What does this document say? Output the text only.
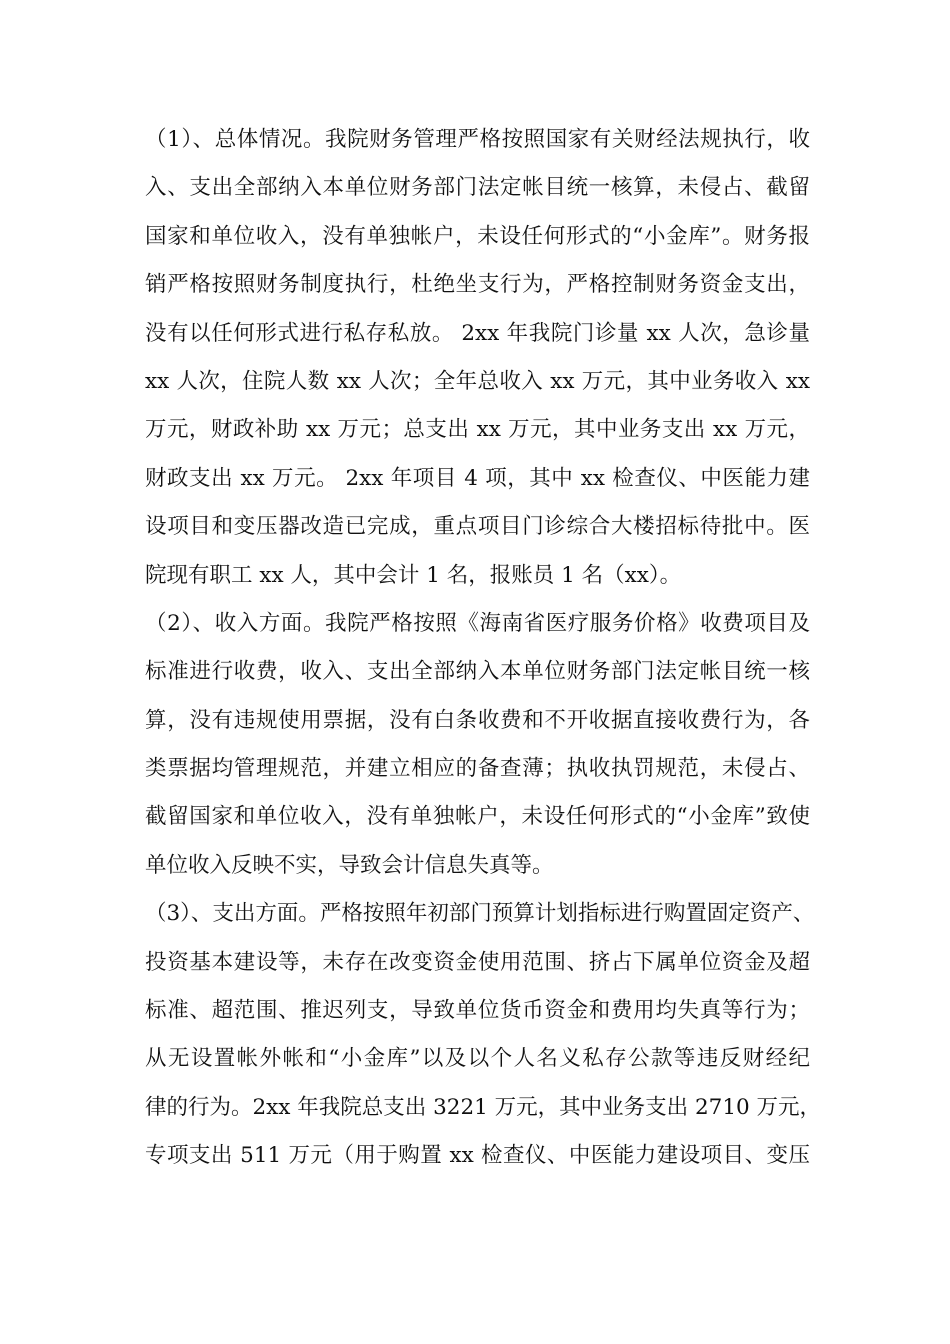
（1）、总体情况。我院财务管理严格按照国家有关财经法规执行，收
入、支出全部纳入本单位财务部门法定帐目统一核算，未侵占、截留
国家和单位收入，没有单独帐户，未设任何形式的“小金库”。财务报
销严格按照财务制度执行，杜绝坐支行为，严格控制财务资金支出，
没有以任何形式进行私存私放。 2xx 年我院门诊量 xx 人次，急诊量
xx 人次，住院人数 xx 人次；全年总收入 xx 万元，其中业务收入 xx
万元，财政补助 xx 万元；总支出 xx 万元，其中业务支出 xx 万元，
财政支出 xx 万元。 2xx 年项目 4 项，其中 xx 检查仪、中医能力建
设项目和变压器改造已完成，重点项目门诊综合大楼招标待批中。医
院现有职工 xx 人，其中会计 1 名，报账员 1 名（xx）。
（2）、收入方面。我院严格按照《海南省医疗服务价格》收费项目及
标准进行收费，收入、支出全部纳入本单位财务部门法定帐目统一核
算，没有违规使用票据，没有白条收费和不开收据直接收费行为，各
类票据均管理规范，并建立相应的备查薄；执收执罚规范，未侵占、
截留国家和单位收入，没有单独帐户，未设任何形式的“小金库”致使
单位收入反映不实，导致会计信息失真等。
（3）、支出方面。严格按照年初部门预算计划指标进行购置固定资产、
投资基本建设等，未存在改变资金使用范围、挤占下属单位资金及超
标准、超范围、推迟列支，导致单位货币资金和费用均失真等行为；
从无设置帐外帐和“小金库”以及以个人名义私存公款等违反财经纪
律的行为。2xx 年我院总支出 3221 万元，其中业务支出 2710 万元，
专项支出 511 万元（用于购置 xx 检查仪、中医能力建设项目、变压
